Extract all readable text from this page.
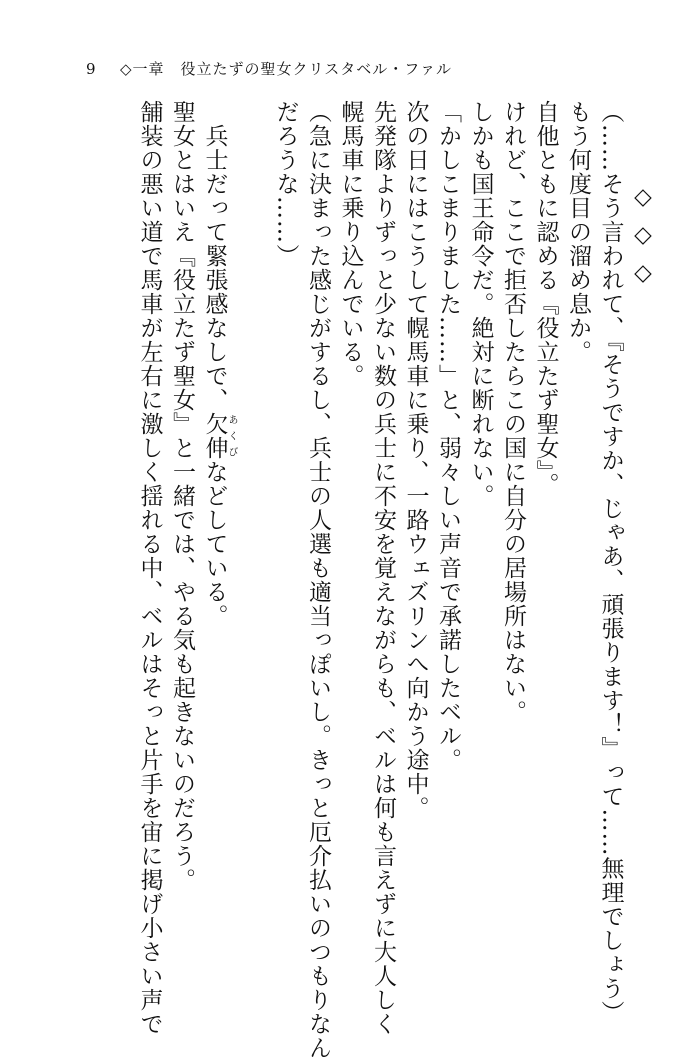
9 ◇一章　役立たずの聖女クリスタベル・ファル
◇◇◇
（……そう言われて、『そうですか、じゃあ、頑張ります！』って……無理でしょう）
もう何度目の溜め息か。
自他ともに認める『役立たず聖女』。
けれど、ここで拒否したらこの国に自分の居場所はない。
しかも国王命令だ。絶対に断れない。
「かしこまりました……」と、弱々しい声音で承諾したベル。
次の日にはこうして幌馬車に乗り、一路ウェズリンへ向かう途中。
先発隊よりずっと少ない数の兵士に不安を覚えながらも、ベルは何も言えずに大人しく
幌馬車に乗り込んでいる。
（急に決まった感じがするし、兵士の人選も適当っぽいし。きっと厄介払いのつもりなん
だろうな……）
　兵士だって緊張感なしで、欠伸あくびなどしている。
聖女とはいえ『役立たず聖女』と一緒では、やる気も起きないのだろう。
舗装の悪い道で馬車が左右に激しく揺れる中、ベルはそっと片手を宙に掲げ小さい声で
